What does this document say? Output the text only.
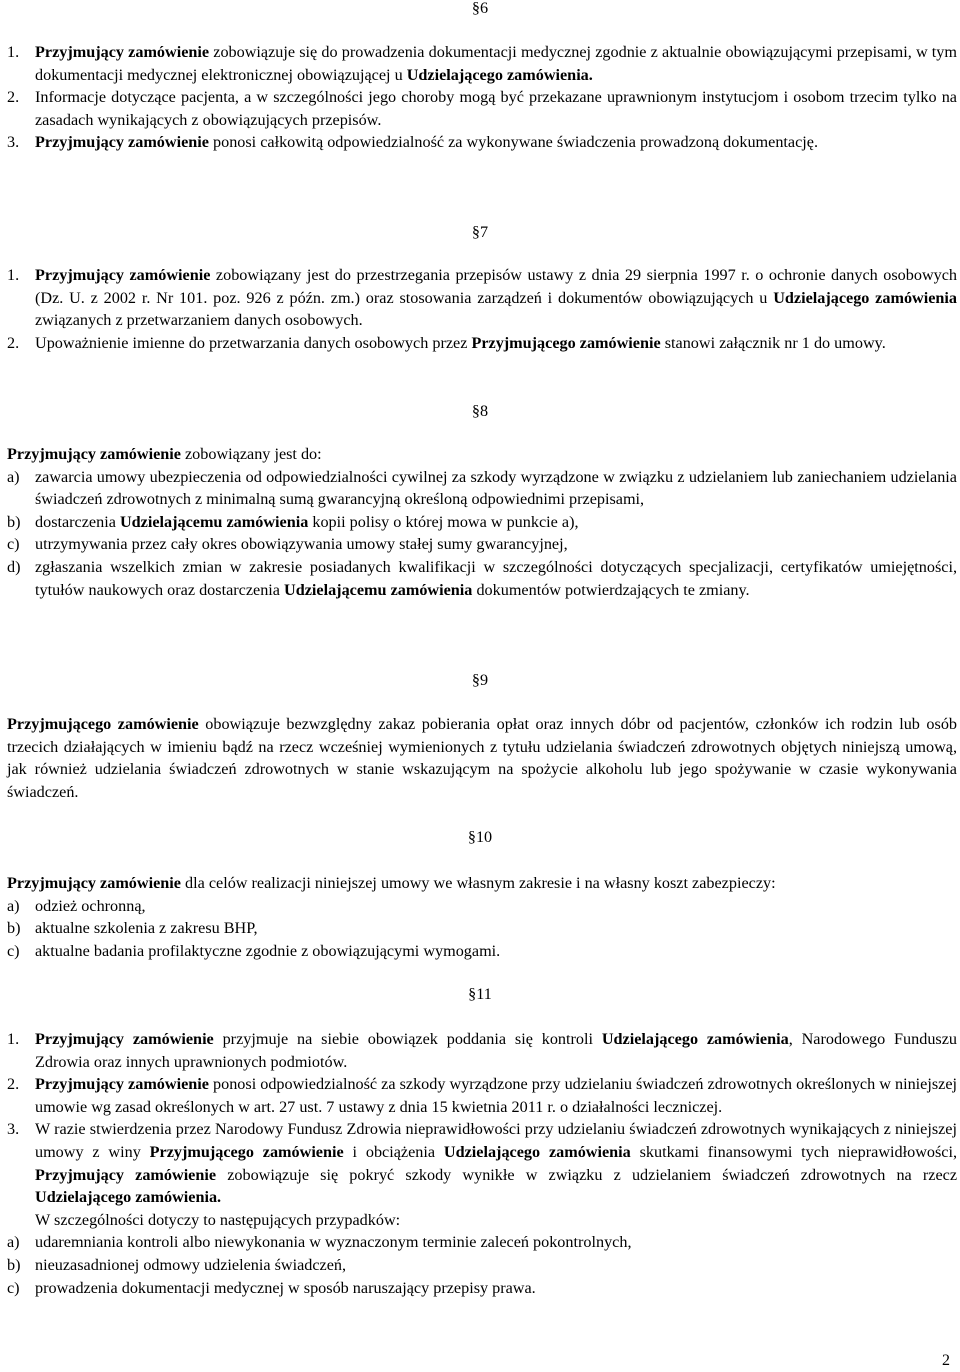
§6
1. Przyjmujący zamówienie zobowiązuje się do prowadzenia dokumentacji medycznej zgodnie z aktualnie obowiązującymi przepisami, w tym dokumentacji medycznej elektronicznej obowiązującej u Udzielającego zamówienia.
2. Informacje dotyczące pacjenta, a w szczególności jego choroby mogą być przekazane uprawnionym instytucjom i osobom trzecim tylko na zasadach wynikających z obowiązujących przepisów.
3. Przyjmujący zamówienie ponosi całkowitą odpowiedzialność za wykonywane świadczenia prowadzoną dokumentację.
§7
1. Przyjmujący zamówienie zobowiązany jest do przestrzegania przepisów ustawy z dnia 29 sierpnia 1997 r. o ochronie danych osobowych (Dz. U. z 2002 r. Nr 101. poz. 926 z późn. zm.) oraz stosowania zarządzeń i dokumentów obowiązujących u Udzielającego zamówienia związanych z przetwarzaniem danych osobowych.
2. Upoważnienie imienne do przetwarzania danych osobowych przez Przyjmującego zamówienie stanowi załącznik nr 1 do umowy.
§8
Przyjmujący zamówienie zobowiązany jest do:
a) zawarcia umowy ubezpieczenia od odpowiedzialności cywilnej za szkody wyrządzone w związku z udzielaniem lub zaniechaniem udzielania świadczeń zdrowotnych z minimalną sumą gwarancyjną określoną odpowiednimi przepisami,
b) dostarczenia Udzielającemu zamówienia kopii polisy o której mowa w punkcie a),
c) utrzymywania przez cały okres obowiązywania umowy stałej sumy gwarancyjnej,
d) zgłaszania wszelkich zmian w zakresie posiadanych kwalifikacji w szczególności dotyczących specjalizacji, certyfikatów umiejętności, tytułów naukowych oraz dostarczenia Udzielającemu zamówienia dokumentów potwierdzających te zmiany.
§9
Przyjmującego zamówienie obowiązuje bezwzględny zakaz pobierania opłat oraz innych dóbr od pacjentów, członków ich rodzin lub osób trzecich działających w imieniu bądź na rzecz wcześniej wymienionych z tytułu udzielania świadczeń zdrowotnych objętych niniejszą umową, jak również udzielania świadczeń zdrowotnych w stanie wskazującym na spożycie alkoholu lub jego spożywanie w czasie wykonywania świadczeń.
§10
Przyjmujący zamówienie dla celów realizacji niniejszej umowy we własnym zakresie i na własny koszt zabezpieczy:
a) odzież ochronną,
b) aktualne szkolenia z zakresu BHP,
c) aktualne badania profilaktyczne zgodnie z obowiązującymi wymogami.
§11
1. Przyjmujący zamówienie przyjmuje na siebie obowiązek poddania się kontroli Udzielającego zamówienia, Narodowego Funduszu Zdrowia oraz innych uprawnionych podmiotów.
2. Przyjmujący zamówienie ponosi odpowiedzialność za szkody wyrządzone przy udzielaniu świadczeń zdrowotnych określonych w niniejszej umowie wg zasad określonych w art. 27 ust. 7 ustawy z dnia 15 kwietnia 2011 r. o działalności leczniczej.
3. W razie stwierdzenia przez Narodowy Fundusz Zdrowia nieprawidłowości przy udzielaniu świadczeń zdrowotnych wynikających z niniejszej umowy z winy Przyjmującego zamówienie i obciążenia Udzielającego zamówienia skutkami finansowymi tych nieprawidłowości, Przyjmujący zamówienie zobowiązuje się pokryć szkody wynikłe w związku z udzielaniem świadczeń zdrowotnych na rzecz Udzielającego zamówienia.
W szczególności dotyczy to następujących przypadków:
a) udaremniania kontroli albo niewykonania w wyznaczonym terminie zaleceń pokontrolnych,
b) nieuzasadnionej odmowy udzielenia świadczeń,
c) prowadzenia dokumentacji medycznej w sposób naruszający przepisy prawa.
2
